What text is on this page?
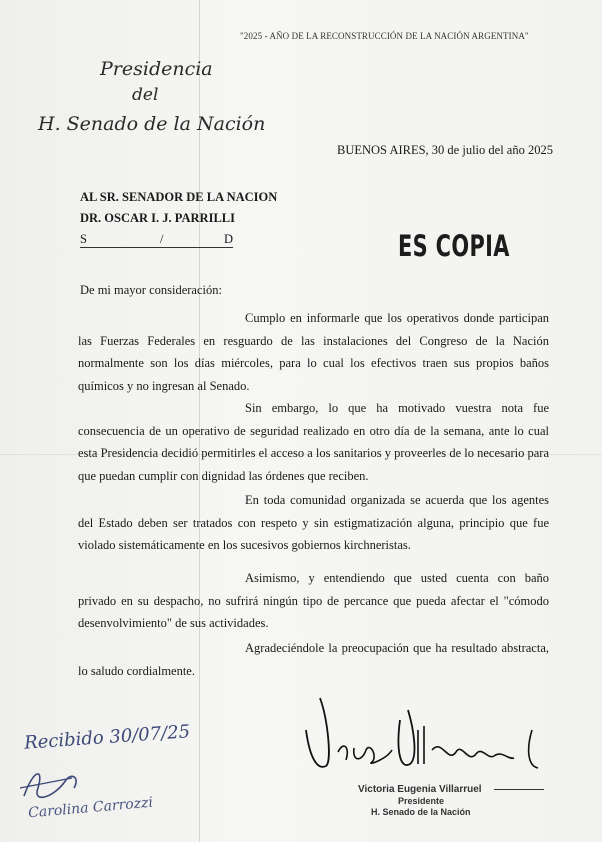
"2025 - AÑO DE LA RECONSTRUCCIÓN DE LA NACIÓN ARGENTINA"
Presidencia
del
H. Senado de la Nación
BUENOS AIRES, 30 de julio del año 2025
AL SR. SENADOR DE LA NACION
DR. OSCAR I. J. PARRILLI
S	/	D	ES COPIA
De mi mayor consideración:

Cumplo en informarle que los operativos donde participan las Fuerzas Federales en resguardo de las instalaciones del Congreso de la Nación normalmente son los días miércoles, para lo cual los efectivos traen sus propios baños químicos y no ingresan al Senado.

Sin embargo, lo que ha motivado vuestra nota fue consecuencia de un operativo de seguridad realizado en otro día de la semana, ante lo cual esta Presidencia decidió permitirles el acceso a los sanitarios y proveerles de lo necesario para que puedan cumplir con dignidad las órdenes que reciben.

En toda comunidad organizada se acuerda que los agentes del Estado deben ser tratados con respeto y sin estigmatización alguna, principio que fue violado sistemáticamente en los sucesivos gobiernos kirchneristas.

Asimismo, y entendiendo que usted cuenta con baño privado en su despacho, no sufrirá ningún tipo de percance que pueda afectar el "cómodo desenvolvimiento" de sus actividades.

Agradeciéndole la preocupación que ha resultado abstracta, lo saludo cordialmente.

Recibido 30/07/25
Carolina Carrozzi
Victoria Eugenia Villarruel
Presidente
H. Senado de la Nación
